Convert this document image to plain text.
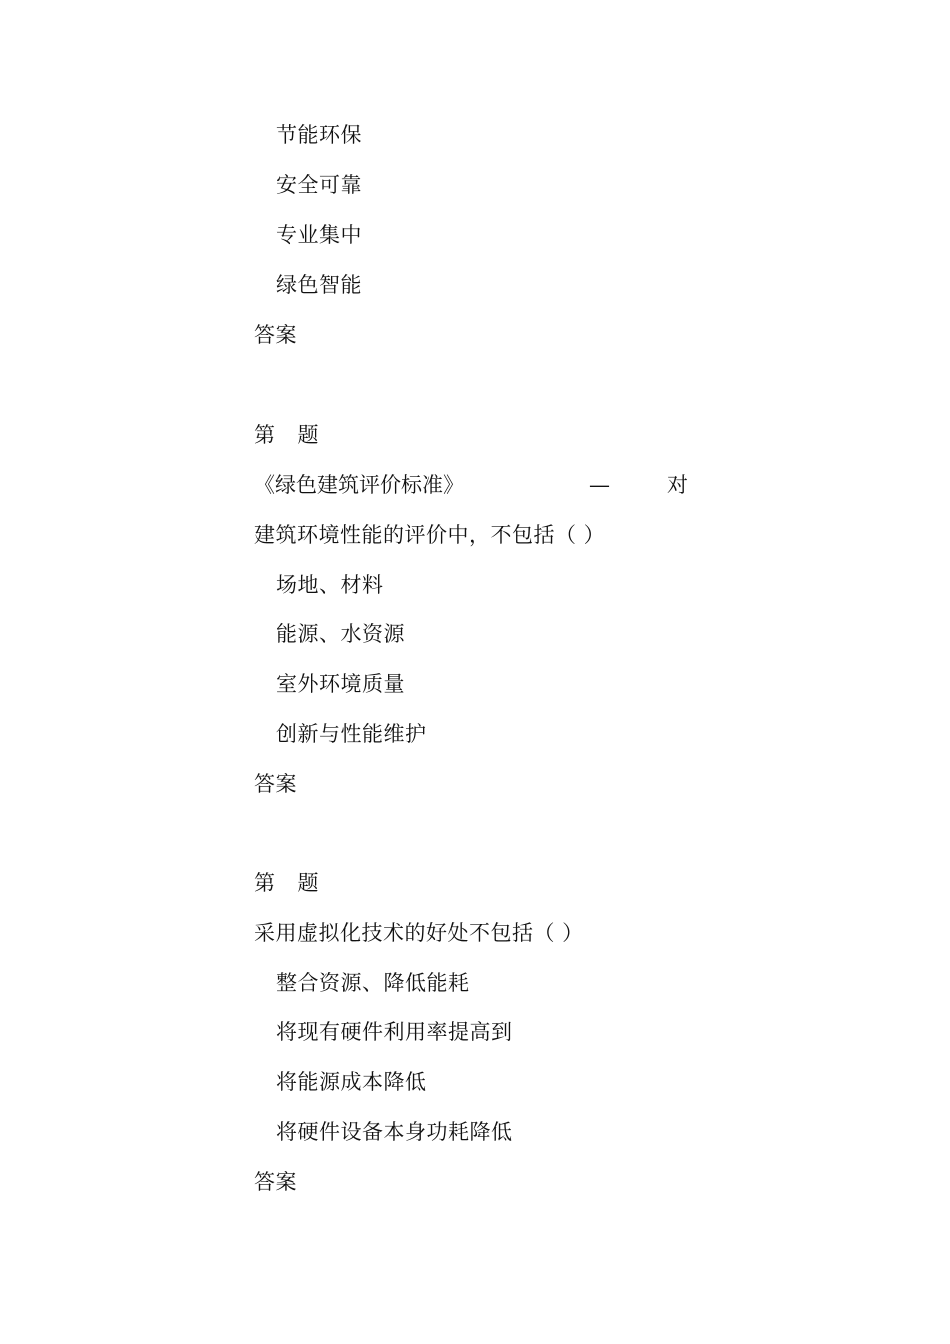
节能环保
安全可靠
专业集中
绿色智能
答案
第 题
《绿色建筑评价标准》	—	对
建筑环境性能的评价中，不包括（ ）
场地、材料
能源、水资源
室外环境质量
创新与性能维护
答案
第 题
采用虚拟化技术的好处不包括（ ）
整合资源、降低能耗
将现有硬件利用率提高到
将能源成本降低
将硬件设备本身功耗降低
答案
